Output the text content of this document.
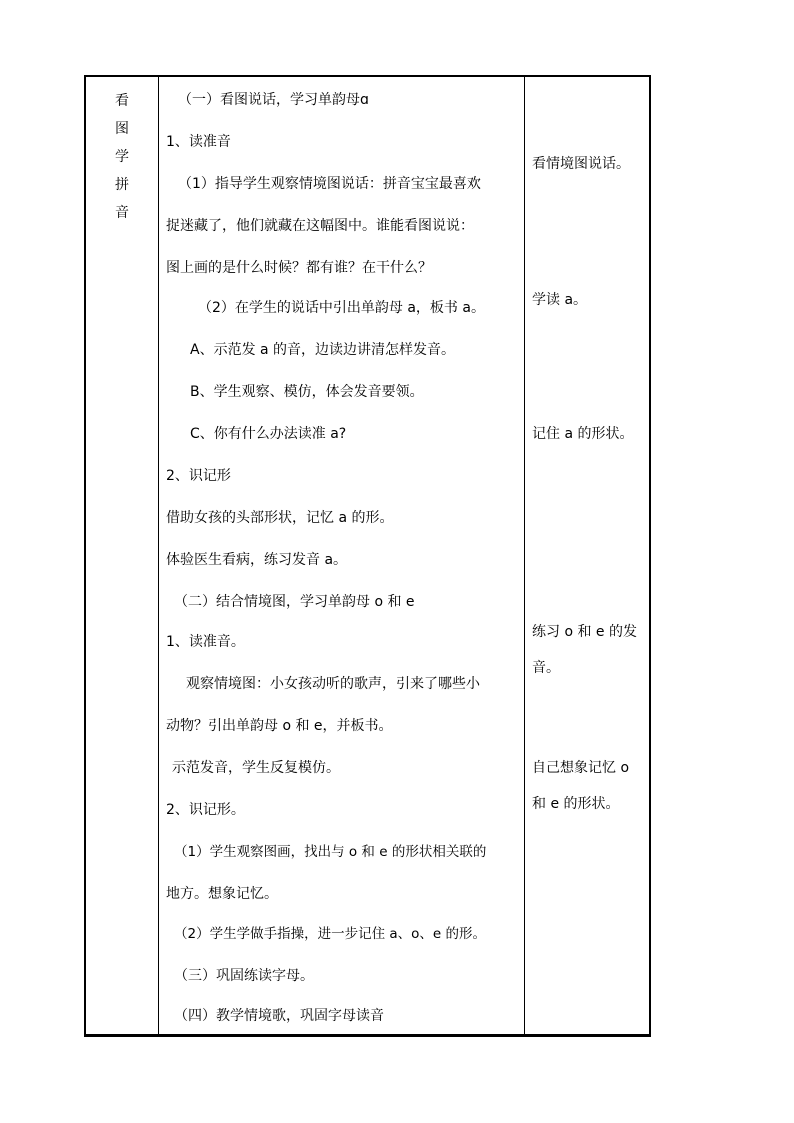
看
图
学
拼
音
（一）看图说话，学习单韵母ɑ
1、读准音
（1）指导学生观察情境图说话：拼音宝宝最喜欢
捉迷藏了，他们就藏在这幅图中。谁能看图说说：
图上画的是什么时候？都有谁？在干什么？
（2）在学生的说话中引出单韵母 a，板书 a。
A、示范发 a 的音，边读边讲清怎样发音。
B、学生观察、模仿，体会发音要领。
C、你有什么办法读准 a?
2、识记形
借助女孩的头部形状，记忆 a 的形。
体验医生看病，练习发音 a。
（二）结合情境图，学习单韵母 o 和 e
1、读准音。
观察情境图：小女孩动听的歌声，引来了哪些小
动物？引出单韵母 o 和 e，并板书。
示范发音，学生反复模仿。
2、识记形。
（1）学生观察图画，找出与 o 和 e 的形状相关联的
地方。想象记忆。
（2）学生学做手指操，进一步记住 a、o、e 的形。
（三）巩固练读字母。
（四）教学情境歌，巩固字母读音
看情境图说话。
学读 a。
记住 a 的形状。
练习 o 和 e 的发
音。
自己想象记忆 o
和 e 的形状。
